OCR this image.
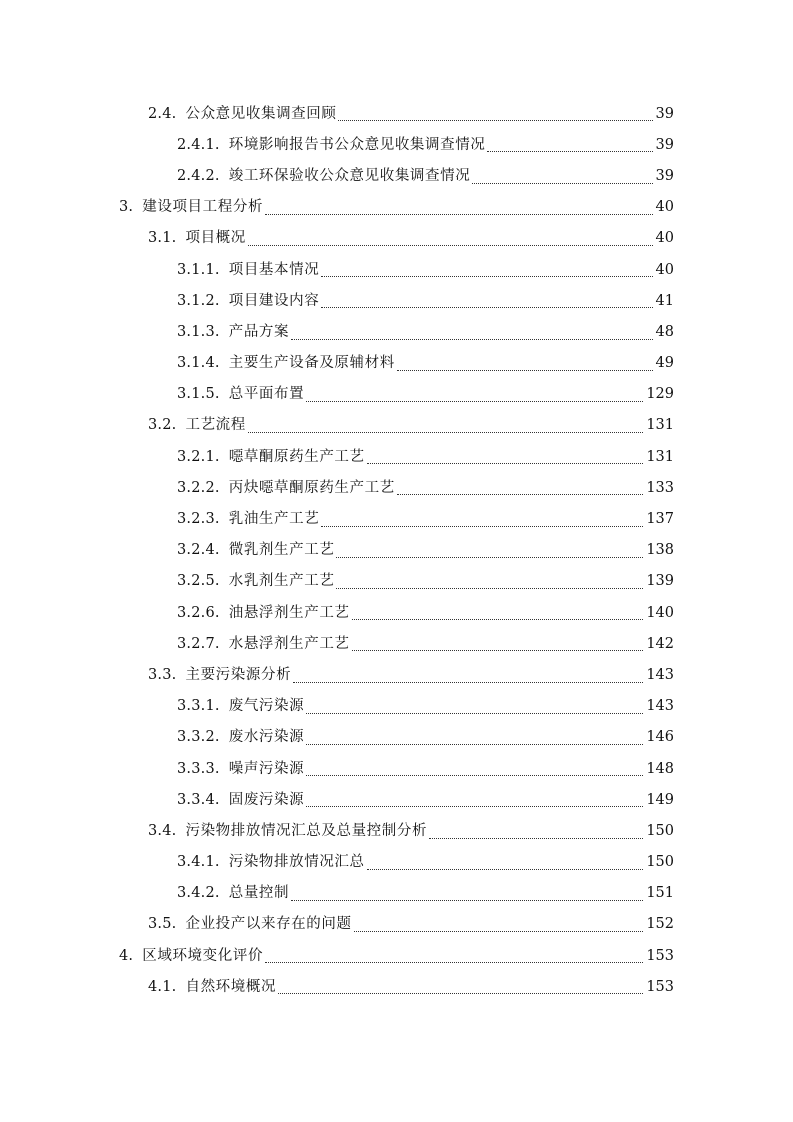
2.4. 公众意见收集调查回顾	39
2.4.1. 环境影响报告书公众意见收集调查情况	39
2.4.2. 竣工环保验收公众意见收集调查情况	39
3. 建设项目工程分析	40
3.1. 项目概况	40
3.1.1. 项目基本情况	40
3.1.2. 项目建设内容	41
3.1.3. 产品方案	48
3.1.4. 主要生产设备及原辅材料	49
3.1.5. 总平面布置	129
3.2. 工艺流程	131
3.2.1. 噁草酮原药生产工艺	131
3.2.2. 丙炔噁草酮原药生产工艺	133
3.2.3. 乳油生产工艺	137
3.2.4. 微乳剂生产工艺	138
3.2.5. 水乳剂生产工艺	139
3.2.6. 油悬浮剂生产工艺	140
3.2.7. 水悬浮剂生产工艺	142
3.3. 主要污染源分析	143
3.3.1. 废气污染源	143
3.3.2. 废水污染源	146
3.3.3. 噪声污染源	148
3.3.4. 固废污染源	149
3.4. 污染物排放情况汇总及总量控制分析	150
3.4.1. 污染物排放情况汇总	150
3.4.2. 总量控制	151
3.5. 企业投产以来存在的问题	152
4. 区域环境变化评价	153
4.1. 自然环境概况	153
